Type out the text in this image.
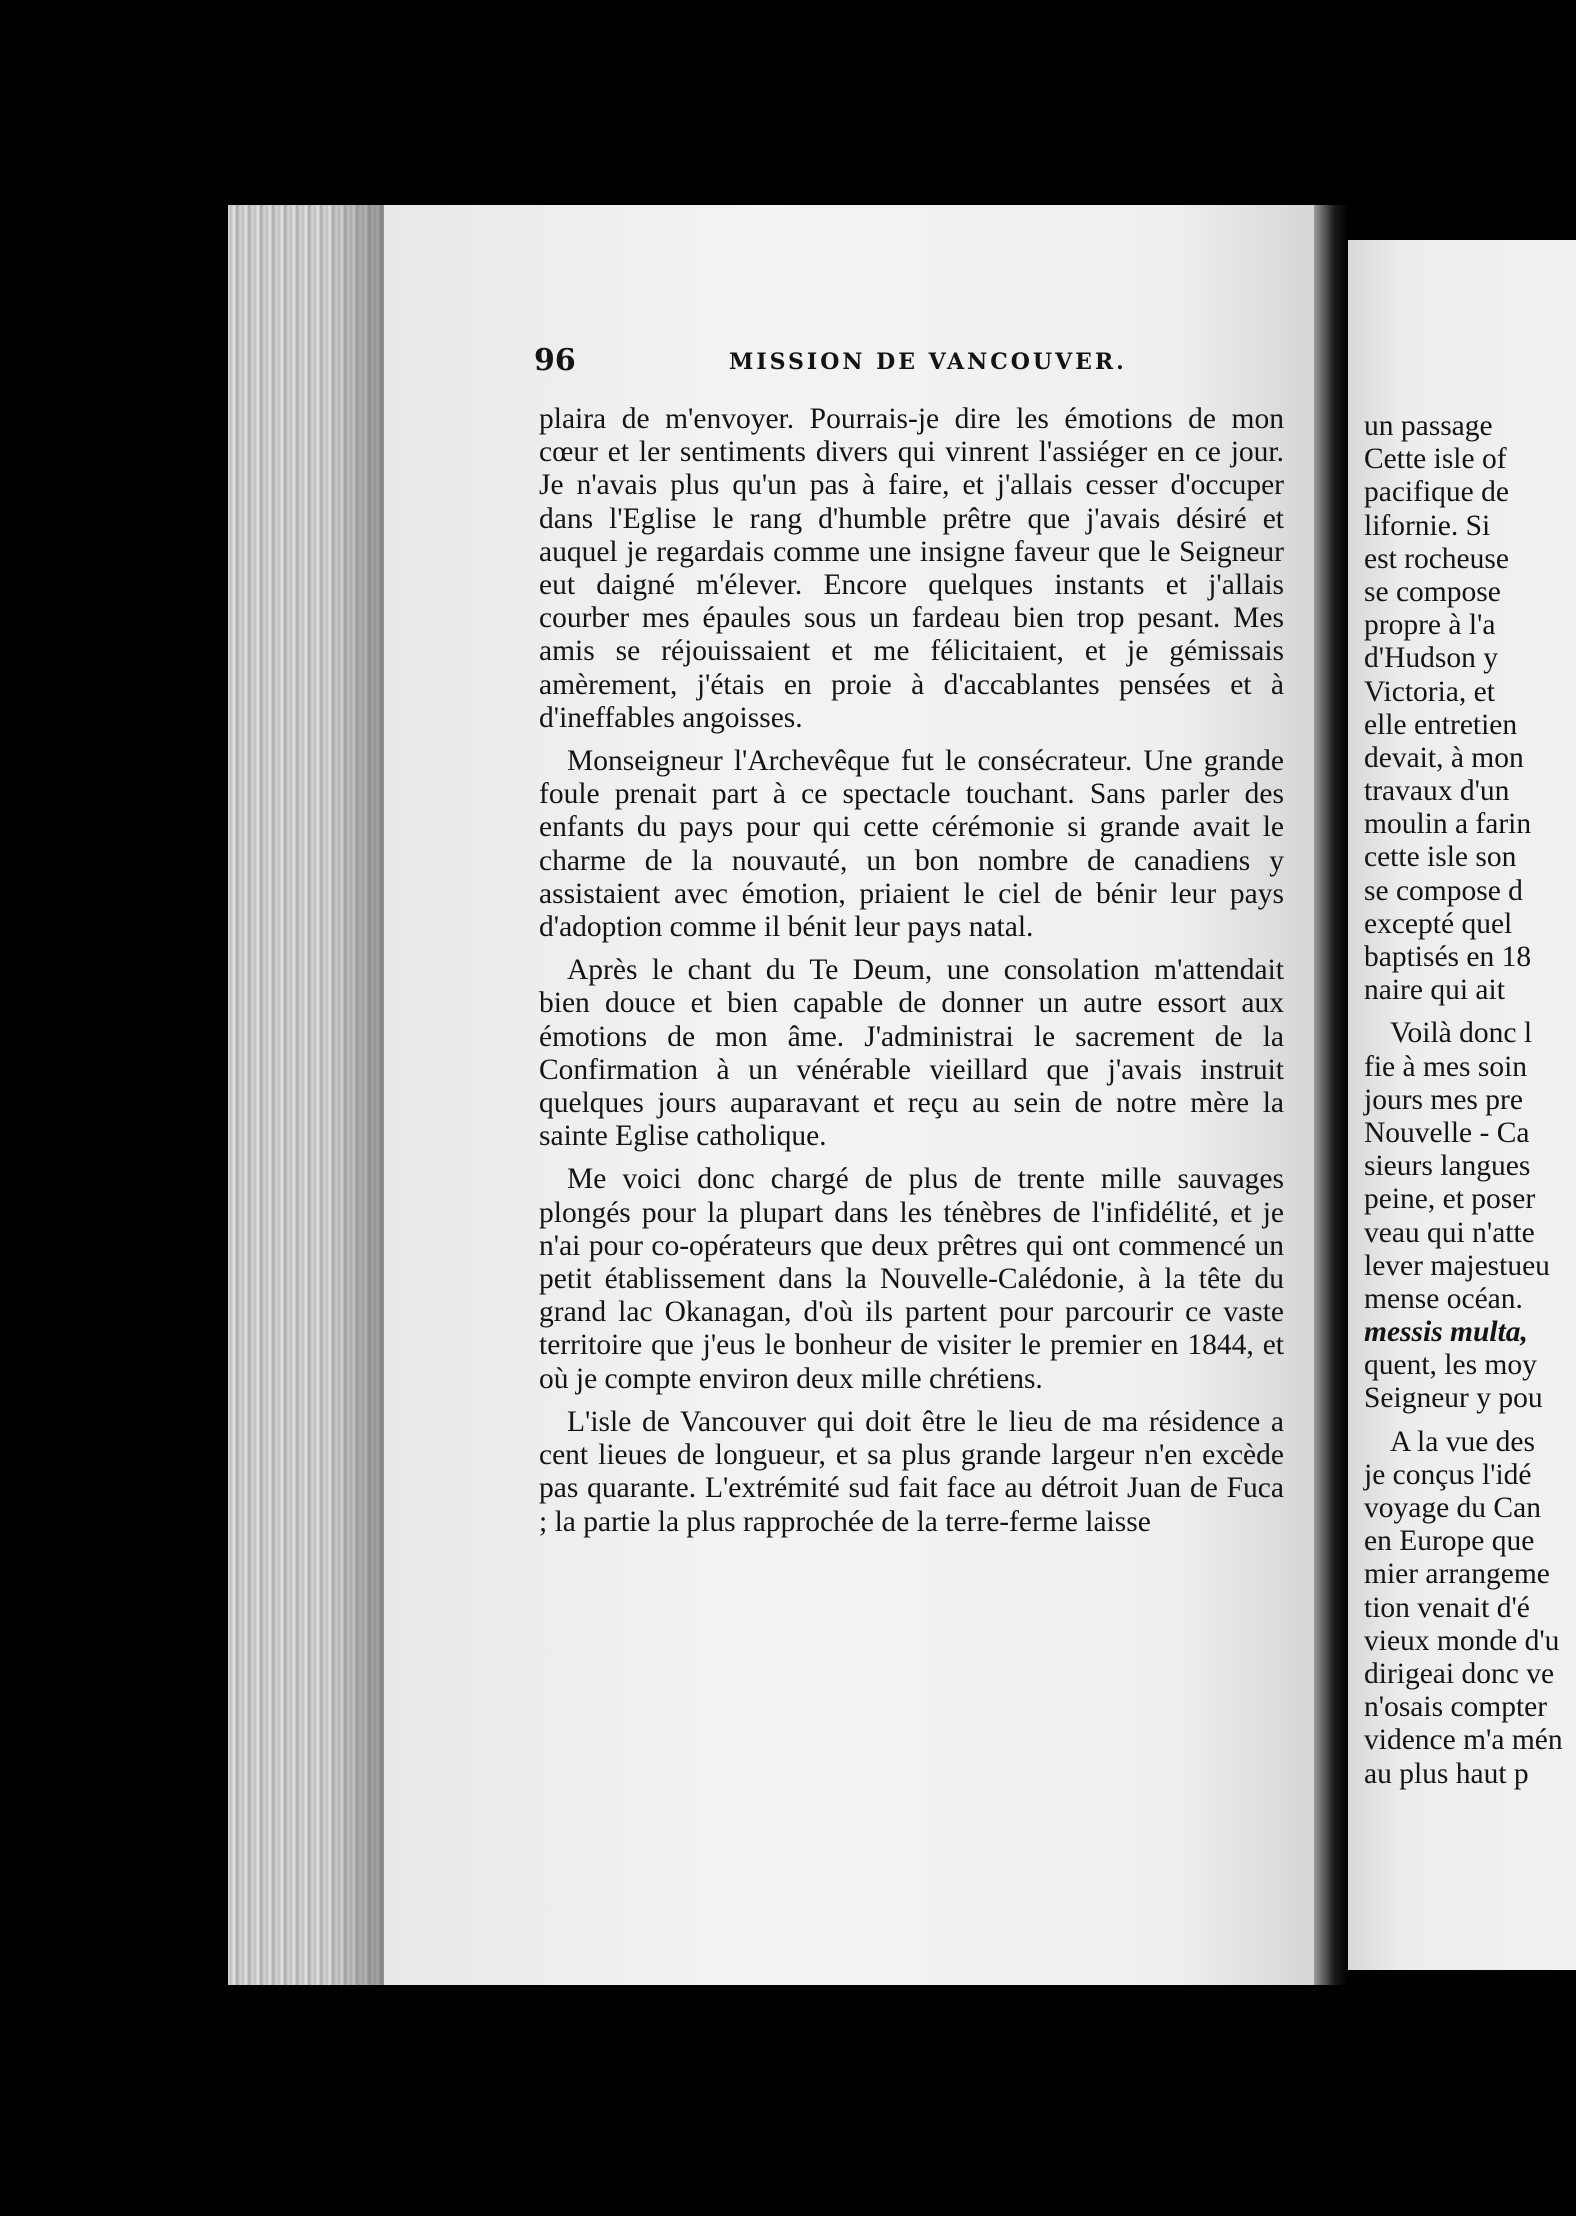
96	MISSION DE VANCOUVER.

plaira de m'envoyer. Pourrais-je dire les émotions de mon cœur et ler sentiments divers qui vinrent l'assiéger en ce jour. Je n'avais plus qu'un pas à faire, et j'allais cesser d'occuper dans l'Eglise le rang d'humble prêtre que j'avais désiré et auquel je regardais comme une insigne faveur que le Seigneur eut daigné m'élever. Encore quelques instants et j'allais courber mes épaules sous un fardeau bien trop pesant. Mes amis se réjouissaient et me félicitaient, et je gémissais amèrement, j'étais en proie à d'accablantes pensées et à d'ineffables angoisses.

Monseigneur l'Archevêque fut le consécrateur. Une grande foule prenait part à ce spectacle touchant. Sans parler des enfants du pays pour qui cette cérémonie si grande avait le charme de la nouvauté, un bon nombre de canadiens y assistaient avec émotion, priaient le ciel de bénir leur pays d'adoption comme il bénit leur pays natal.

Après le chant du Te Deum, une consolation m'attendait bien douce et bien capable de donner un autre essort aux émotions de mon âme. J'administrai le sacrement de la Confirmation à un vénérable vieillard que j'avais instruit quelques jours auparavant et reçu au sein de notre mère la sainte Eglise catholique.

Me voici donc chargé de plus de trente mille sauvages plongés pour la plupart dans les ténèbres de l'infidélité, et je n'ai pour co-opérateurs que deux prêtres qui ont commencé un petit établissement dans la Nouvelle-Calédonie, à la tête du grand lac Okanagan, d'où ils partent pour parcourir ce vaste territoire que j'eus le bonheur de visiter le premier en 1844, et où je compte environ deux mille chrétiens.

L'isle de Vancouver qui doit être le lieu de ma résidence a cent lieues de longueur, et sa plus grande largeur n'en excède pas quarante. L'extrémité sud fait face au détroit Juan de Fuca ; la partie la plus rapprochée de la terre-ferme laisse

un passage
Cette isle of
pacifique de
lifornie. Si
est rocheuse
se compose
propre à l'a
d'Hudson y
Victoria, et
elle entretien
devait, à mon
travaux d'un
moulin a farin
cette isle son
se compose d
excepté quel
baptisés en 18
naire qui ait
Voilà donc l
fie à mes soin
jours mes pre
Nouvelle - Ca
sieurs langues
peine, et poser
veau qui n'atte
lever majestueu
mense océan.
messis multa,
quent, les moy
Seigneur y pou
A la vue des
je conçus l'idé
voyage du Can
en Europe que
mier arrangeme
tion venait d'é
vieux monde d'u
dirigeai donc ve
n'osais compter
vidence m'a mén
au plus haut p
